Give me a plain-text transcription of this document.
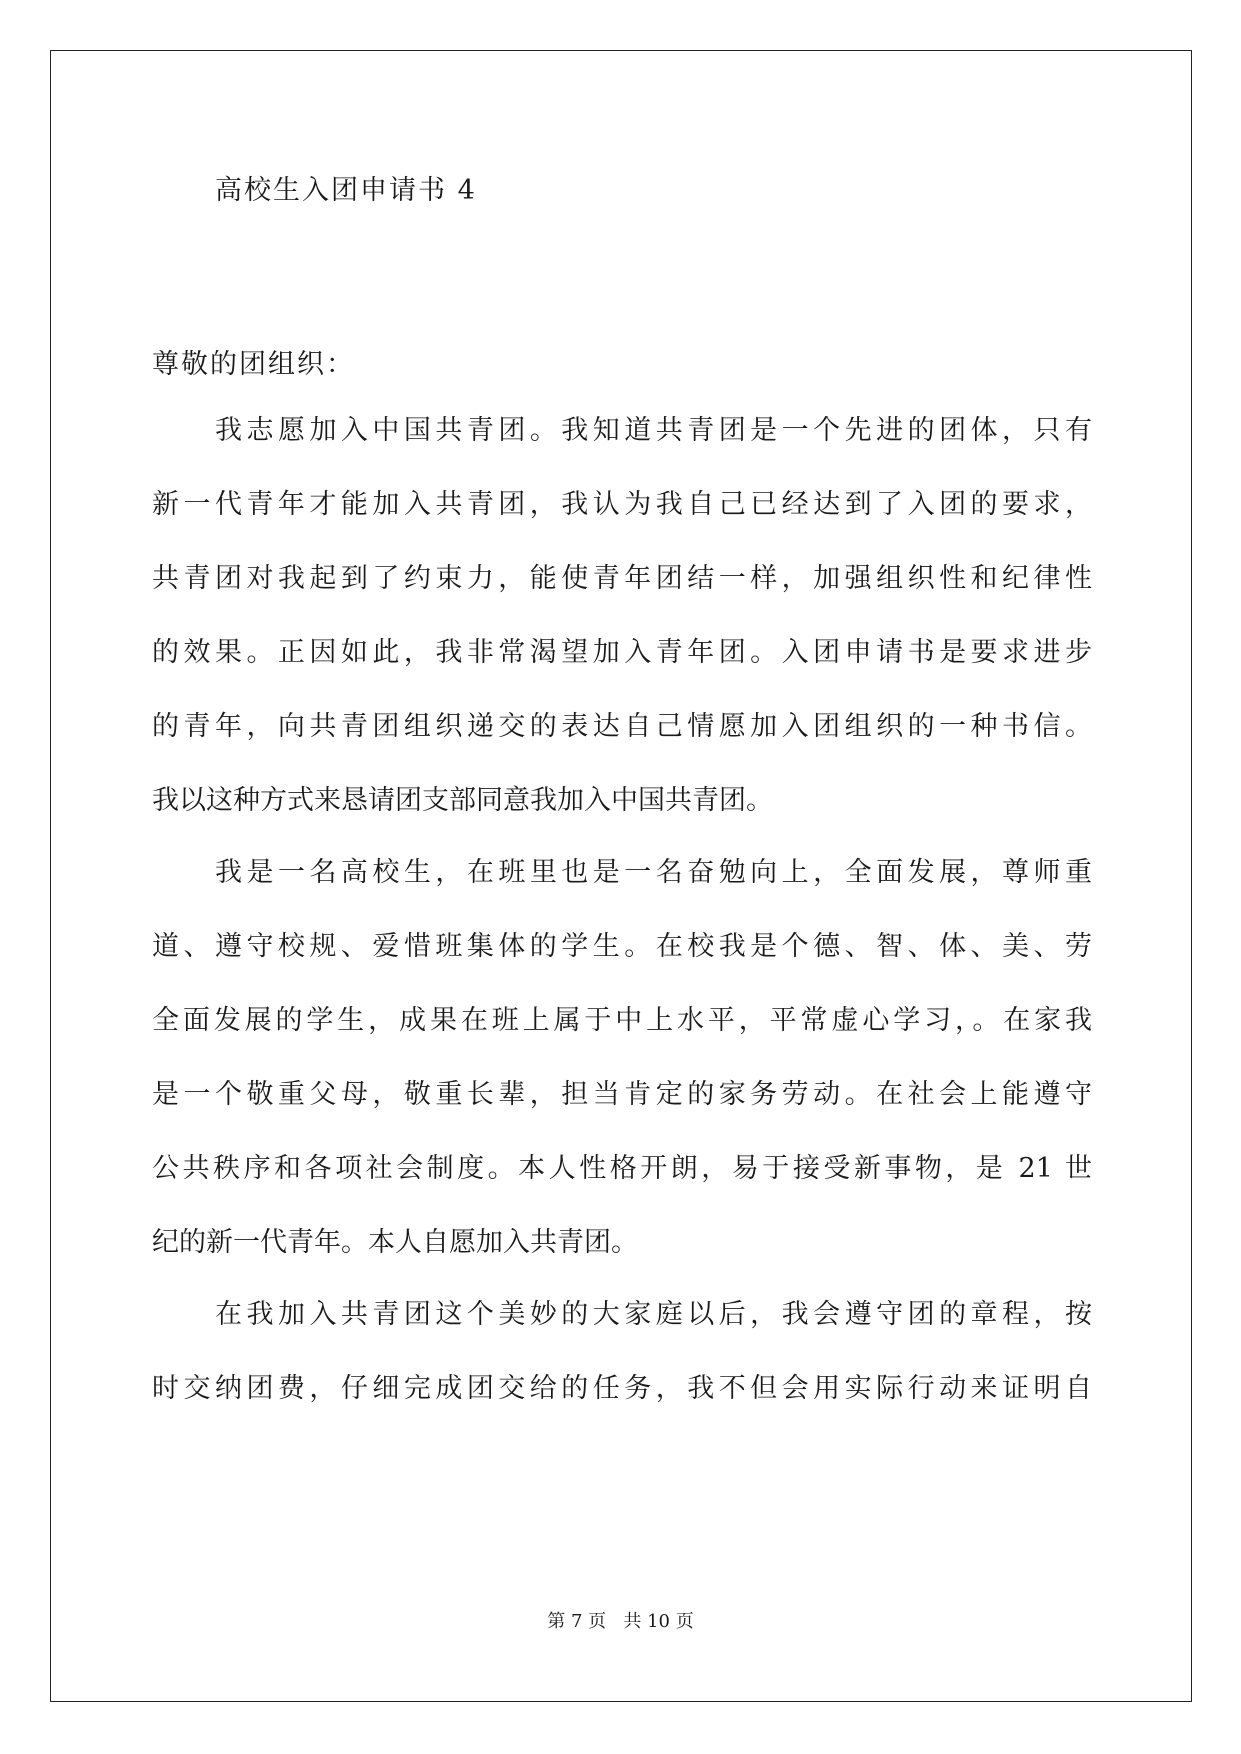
高校生入团申请书 4
尊敬的团组织：
我志愿加入中国共青团。我知道共青团是一个先进的团体，只有
新一代青年才能加入共青团，我认为我自己已经达到了入团的要求，
共青团对我起到了约束力，能使青年团结一样，加强组织性和纪律性
的效果。正因如此，我非常渴望加入青年团。入团申请书是要求进步
的青年，向共青团组织递交的表达自己情愿加入团组织的一种书信。
我以这种方式来恳请团支部同意我加入中国共青团。
我是一名高校生，在班里也是一名奋勉向上，全面发展，尊师重
道、遵守校规、爱惜班集体的学生。在校我是个德、智、体、美、劳
全面发展的学生，成果在班上属于中上水平，平常虚心学习，。在家我
是一个敬重父母，敬重长辈，担当肯定的家务劳动。在社会上能遵守
公共秩序和各项社会制度。本人性格开朗，易于接受新事物，是 21 世
纪的新一代青年。本人自愿加入共青团。
在我加入共青团这个美妙的大家庭以后，我会遵守团的章程，按
时交纳团费，仔细完成团交给的任务，我不但会用实际行动来证明自
第 7 页   共 10 页
